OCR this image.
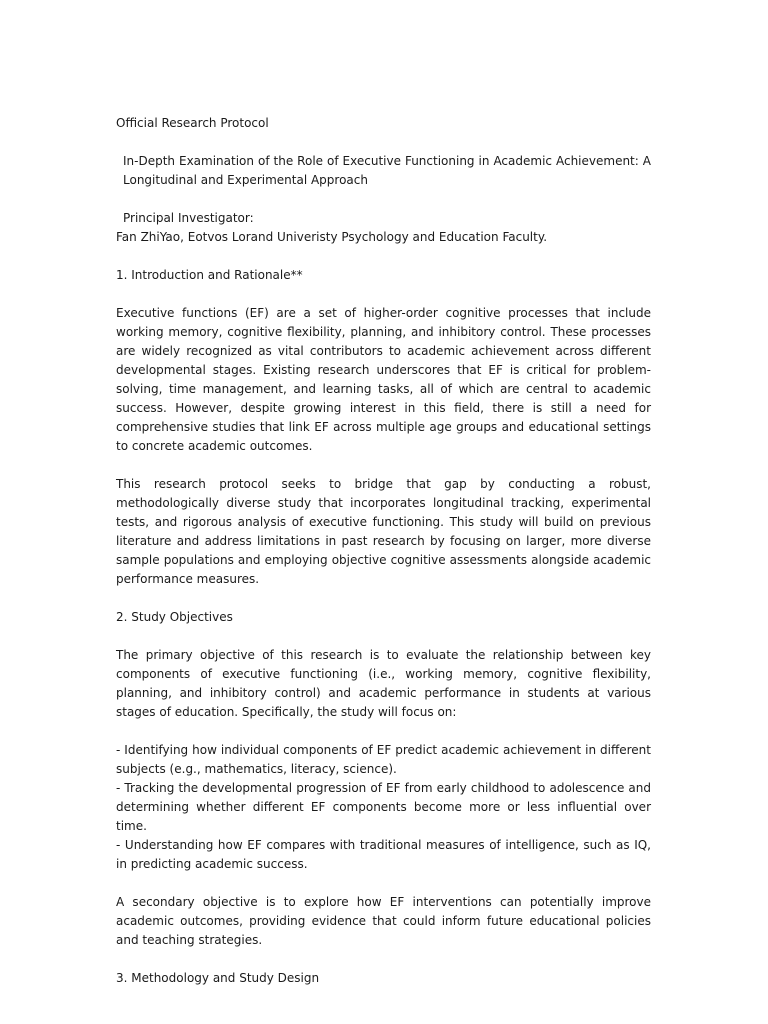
Official Research Protocol

In-Depth Examination of the Role of Executive Functioning in Academic Achievement: A Longitudinal and Experimental Approach

Principal Investigator:

Fan ZhiYao, Eotvos Lorand Univeristy Psychology and Education Faculty.

1. Introduction and Rationale**

Executive functions (EF) are a set of higher-order cognitive processes that include working memory, cognitive flexibility, planning, and inhibitory control. These processes are widely recognized as vital contributors to academic achievement across different developmental stages. Existing research underscores that EF is critical for problem-solving, time management, and learning tasks, all of which are central to academic success. However, despite growing interest in this field, there is still a need for comprehensive studies that link EF across multiple age groups and educational settings to concrete academic outcomes.

This research protocol seeks to bridge that gap by conducting a robust, methodologically diverse study that incorporates longitudinal tracking, experimental tests, and rigorous analysis of executive functioning. This study will build on previous literature and address limitations in past research by focusing on larger, more diverse sample populations and employing objective cognitive assessments alongside academic performance measures.

2. Study Objectives

The primary objective of this research is to evaluate the relationship between key components of executive functioning (i.e., working memory, cognitive flexibility, planning, and inhibitory control) and academic performance in students at various stages of education. Specifically, the study will focus on:

- Identifying how individual components of EF predict academic achievement in different subjects (e.g., mathematics, literacy, science).
- Tracking the developmental progression of EF from early childhood to adolescence and determining whether different EF components become more or less influential over time.
- Understanding how EF compares with traditional measures of intelligence, such as IQ, in predicting academic success.

A secondary objective is to explore how EF interventions can potentially improve academic outcomes, providing evidence that could inform future educational policies and teaching strategies.

3. Methodology and Study Design
